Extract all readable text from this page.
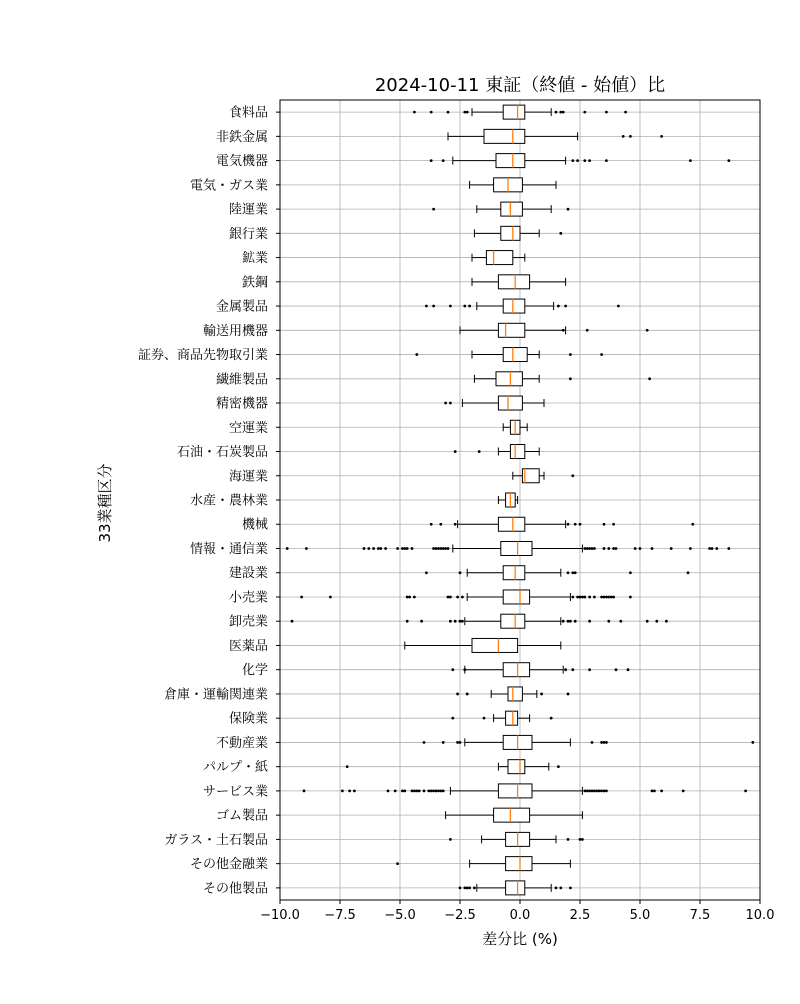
2024-10-11 東証（終値 - 始値）比
差分比 (%)
33業種区分
−10.0 −7.5 −5.0 −2.5	0.0	2.5	5.0	7.5	10.0
食料品
非鉄金属
電気機器
電気・ガス業
陸運業
銀行業
鉱業
鉄鋼
金属製品
輸送用機器
証券、商品先物取引業
繊維製品
精密機器
空運業
石油・石炭製品
海運業
水産・農林業
機械
情報・通信業
建設業
小売業
卸売業
医薬品
化学
倉庫・運輸関連業
保険業
不動産業
パルプ・紙
サービス業
ゴム製品
ガラス・土石製品
その他金融業
その他製品
